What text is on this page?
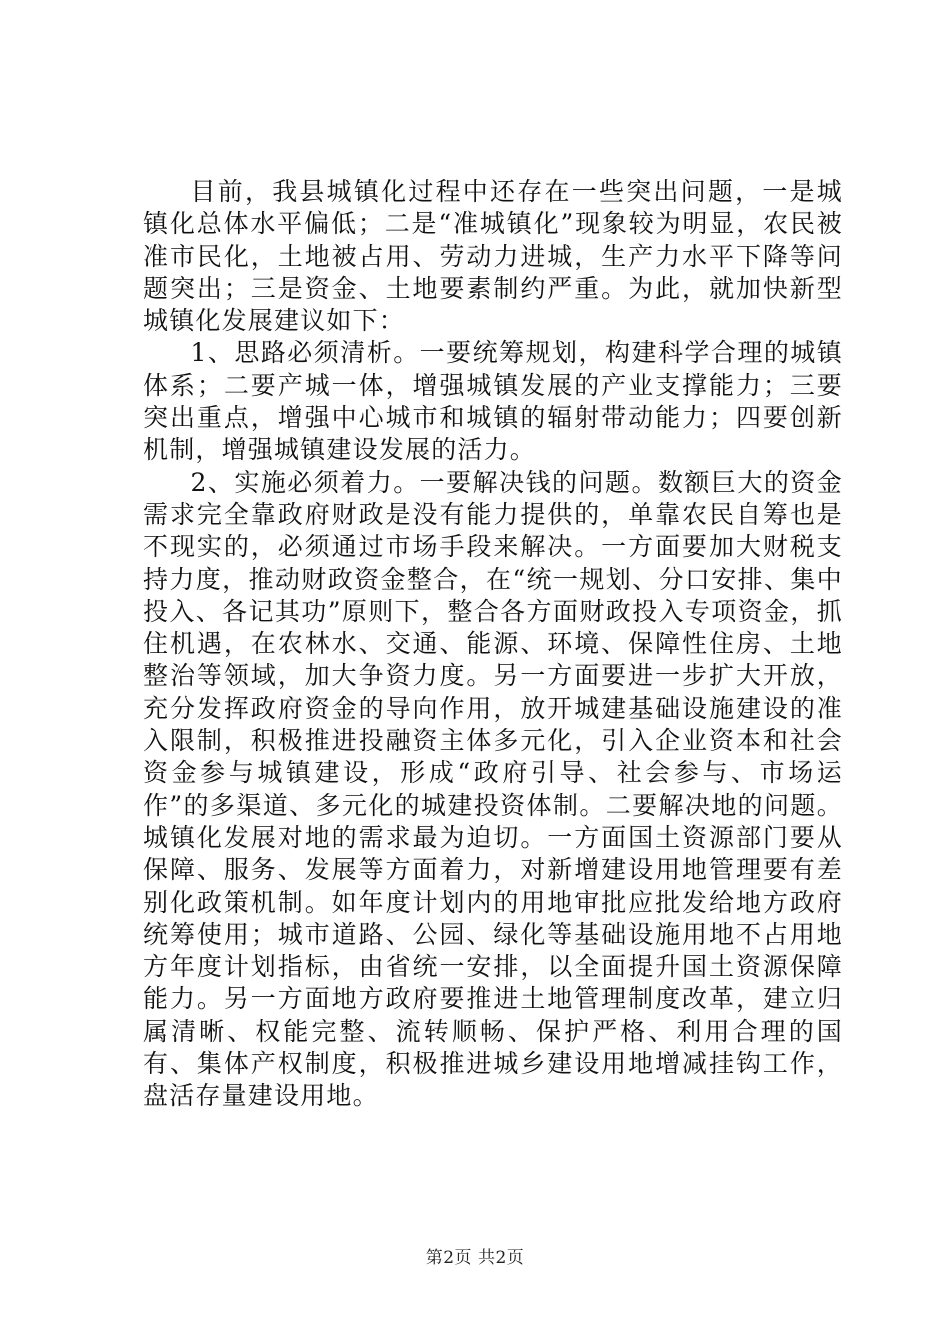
目前，我县城镇化过程中还存在一些突出问题，一是城镇化总体水平偏低；二是“准城镇化”现象较为明显，农民被准市民化，土地被占用、劳动力进城，生产力水平下降等问题突出；三是资金、土地要素制约严重。为此，就加快新型城镇化发展建议如下：

1、思路必须清析。一要统筹规划，构建科学合理的城镇体系；二要产城一体，增强城镇发展的产业支撑能力；三要突出重点，增强中心城市和城镇的辐射带动能力；四要创新机制，增强城镇建设发展的活力。

2、实施必须着力。一要解决钱的问题。数额巨大的资金需求完全靠政府财政是没有能力提供的，单靠农民自筹也是不现实的，必须通过市场手段来解决。一方面要加大财税支持力度，推动财政资金整合，在“统一规划、分口安排、集中投入、各记其功”原则下，整合各方面财政投入专项资金，抓住机遇，在农林水、交通、能源、环境、保障性住房、土地整治等领域，加大争资力度。另一方面要进一步扩大开放，充分发挥政府资金的导向作用，放开城建基础设施建设的准入限制，积极推进投融资主体多元化，引入企业资本和社会资金参与城镇建设，形成“政府引导、社会参与、市场运作”的多渠道、多元化的城建投资体制。二要解决地的问题。城镇化发展对地的需求最为迫切。一方面国土资源部门要从保障、服务、发展等方面着力，对新增建设用地管理要有差别化政策机制。如年度计划内的用地审批应批发给地方政府统筹使用；城市道路、公园、绿化等基础设施用地不占用地方年度计划指标，由省统一安排，以全面提升国土资源保障能力。另一方面地方政府要推进土地管理制度改革，建立归属清晰、权能完整、流转顺畅、保护严格、利用合理的国有、集体产权制度，积极推进城乡建设用地增减挂钩工作，盘活存量建设用地。

第2页 共2页
